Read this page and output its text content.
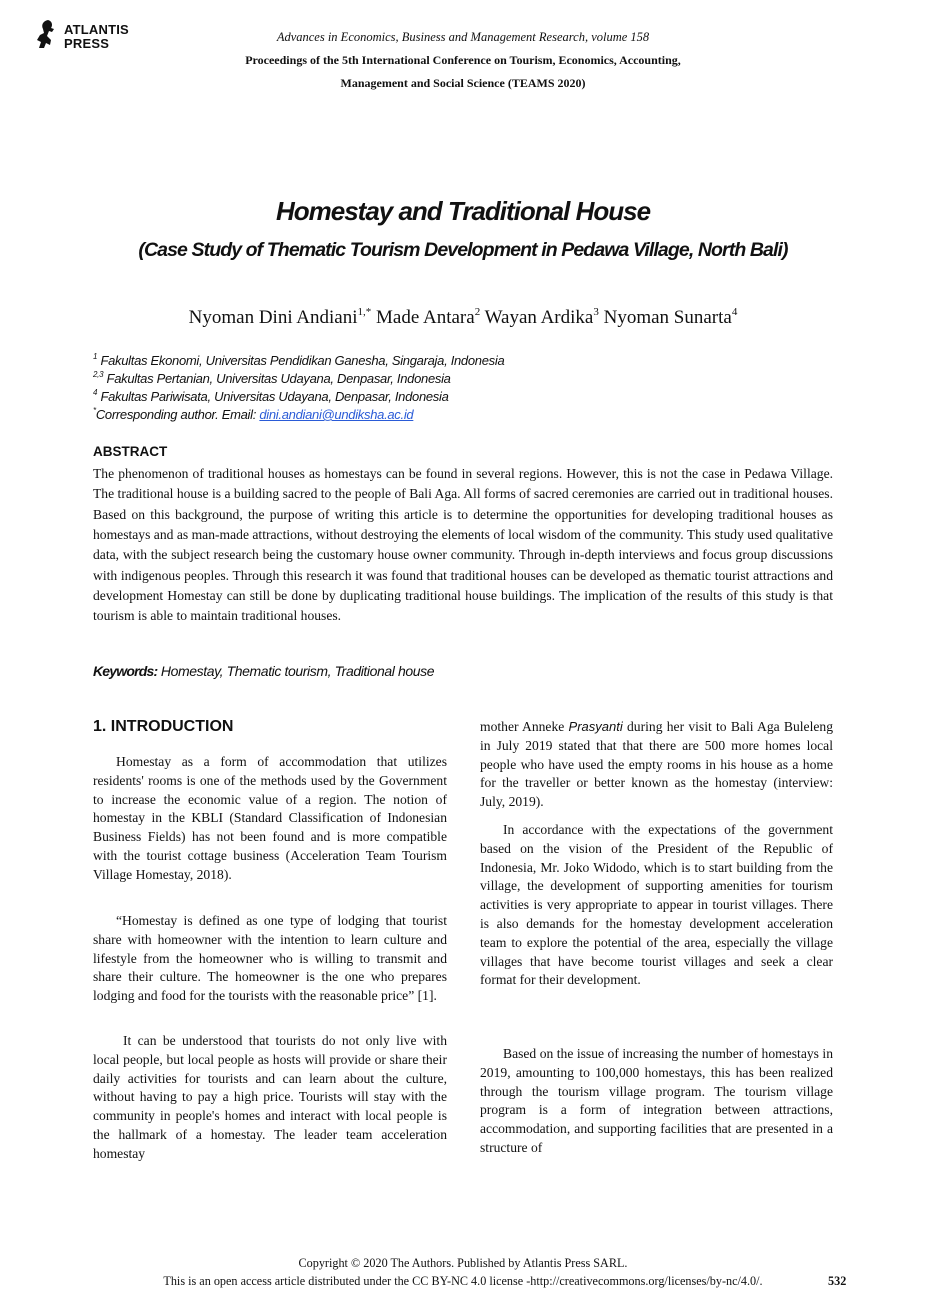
ATLANTIS
PRESS	Advances in Economics, Business and Management Research, volume 158
Proceedings of the 5th International Conference on Tourism, Economics, Accounting,
Management and Social Science (TEAMS 2020)
Homestay and Traditional House
(Case Study of Thematic Tourism Development in Pedawa Village, North Bali)
Nyoman Dini Andiani$^{1,*}$ Made Antara$^2$ Wayan Ardika$^3$ Nyoman Sunarta$^4$
$^1$ Fakultas Ekonomi, Universitas Pendidikan Ganesha, Singaraja, Indonesia
$^{2,3}$ Fakultas Pertanian, Universitas Udayana, Denpasar, Indonesia
$^4$ Fakultas Pariwisata, Universitas Udayana, Denpasar, Indonesia
*Corresponding author. Email: dini.andiani@undiksha.ac.id
ABSTRACT
The phenomenon of traditional houses as homestays can be found in several regions. However, this is not the case in Pedawa Village. The traditional house is a building sacred to the people of Bali Aga. All forms of sacred ceremonies are carried out in traditional houses. Based on this background, the purpose of writing this article is to determine the opportunities for developing traditional houses as homestays and as man-made attractions, without destroying the elements of local wisdom of the community. This study used qualitative data, with the subject research being the customary house owner community. Through in-depth interviews and focus group discussions with indigenous peoples. Through this research it was found that traditional houses can be developed as thematic tourist attractions and development Homestay can still be done by duplicating traditional house buildings. The implication of the results of this study is that tourism is able to maintain traditional houses.
Keywords: Homestay, Thematic tourism, Traditional house
1. INTRODUCTION
Homestay as a form of accommodation that utilizes residents' rooms is one of the methods used by the Government to increase the economic value of a region. The notion of homestay in the KBLI (Standard Classification of Indonesian Business Fields) has not been found and is more compatible with the tourist cottage business (Acceleration Team Tourism Village Homestay, 2018).
“Homestay is defined as one type of lodging that tourist share with homeowner with the intention to learn culture and lifestyle from the homeowner who is willing to transmit and share their culture. The homeowner is the one who prepares lodging and food for the tourists with the reasonable price” [1].
It can be understood that tourists do not only live with local people, but local people as hosts will provide or share their daily activities for tourists and can learn about the culture, without having to pay a high price. Tourists will stay with the community in people's homes and interact with local people is the hallmark of a homestay. The leader team acceleration homestay
mother Anneke Prasyanti during her visit to Bali Aga Buleleng in July 2019 stated that that there are 500 more homes local people who have used the empty rooms in his house as a home for the traveller or better known as the homestay (interview: July, 2019).
In accordance with the expectations of the government based on the vision of the President of the Republic of Indonesia, Mr. Joko Widodo, which is to start building from the village, the development of supporting amenities for tourism activities is very appropriate to appear in tourist villages. There is also demands for the homestay development acceleration team to explore the potential of the area, especially the village villages that have become tourist villages and seek a clear format for their development.
Based on the issue of increasing the number of homestays in 2019, amounting to 100,000 homestays, this has been realized through the tourism village program. The tourism village program is a form of integration between attractions, accommodation, and supporting facilities that are presented in a structure of
Copyright © 2020 The Authors. Published by Atlantis Press SARL.
This is an open access article distributed under the CC BY-NC 4.0 license -http://creativecommons.org/licenses/by-nc/4.0/.	532
